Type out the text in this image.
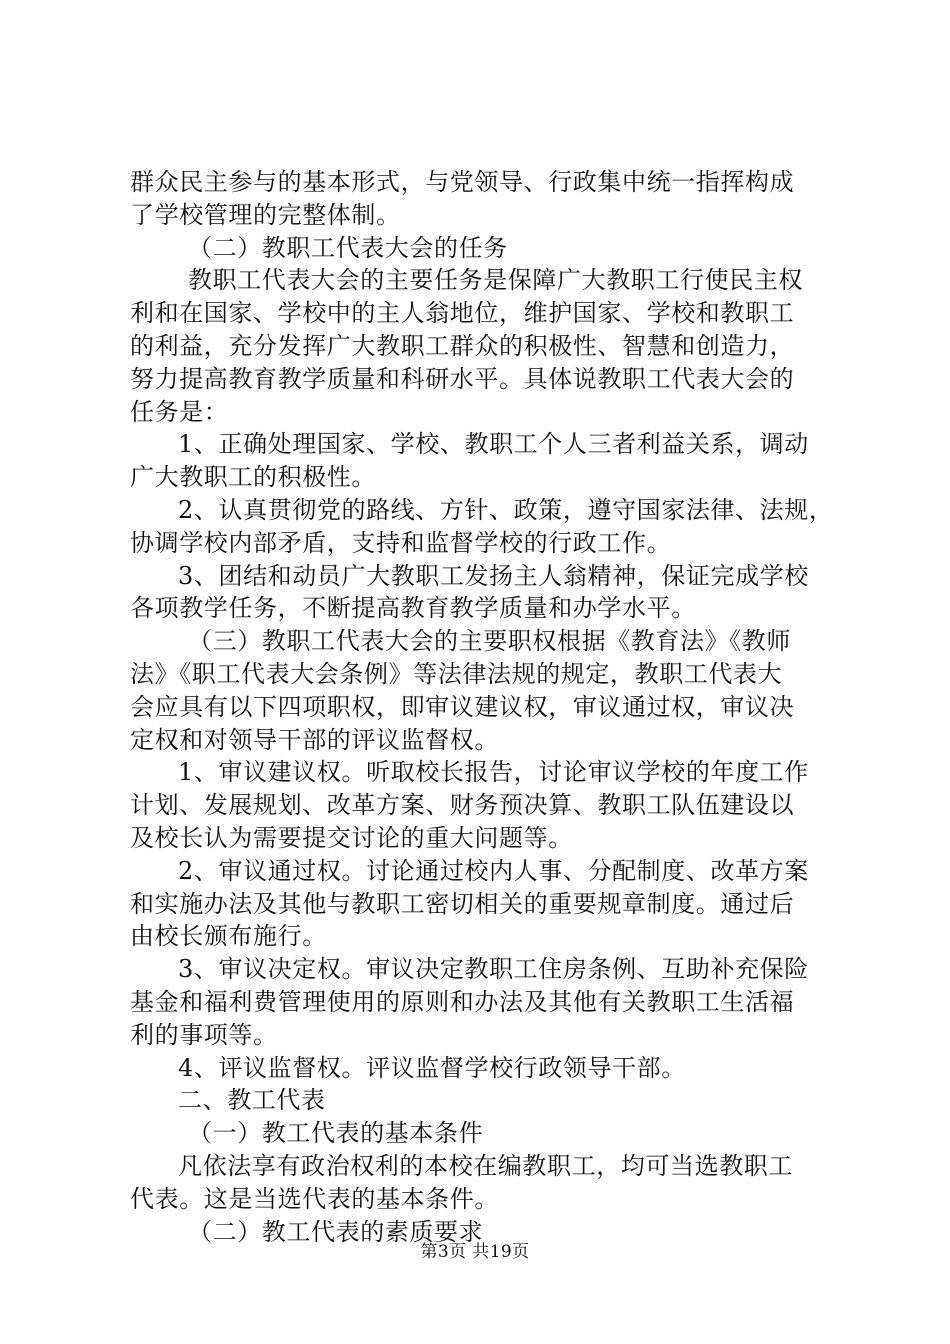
群众民主参与的基本形式，与党领导、行政集中统一指挥构成
了学校管理的完整体制。
（二）教职工代表大会的任务
教职工代表大会的主要任务是保障广大教职工行使民主权
利和在国家、学校中的主人翁地位，维护国家、学校和教职工
的利益，充分发挥广大教职工群众的积极性、智慧和创造力，
努力提高教育教学质量和科研水平。具体说教职工代表大会的
任务是：
1、正确处理国家、学校、教职工个人三者利益关系，调动
广大教职工的积极性。
2、认真贯彻党的路线、方针、政策，遵守国家法律、法规，
协调学校内部矛盾，支持和监督学校的行政工作。
3、团结和动员广大教职工发扬主人翁精神，保证完成学校
各项教学任务，不断提高教育教学质量和办学水平。
（三）教职工代表大会的主要职权根据《教育法》《教师
法》《职工代表大会条例》等法律法规的规定，教职工代表大
会应具有以下四项职权，即审议建议权，审议通过权，审议决
定权和对领导干部的评议监督权。
1、审议建议权。听取校长报告，讨论审议学校的年度工作
计划、发展规划、改革方案、财务预决算、教职工队伍建设以
及校长认为需要提交讨论的重大问题等。
2、审议通过权。讨论通过校内人事、分配制度、改革方案
和实施办法及其他与教职工密切相关的重要规章制度。通过后
由校长颁布施行。
3、审议决定权。审议决定教职工住房条例、互助补充保险
基金和福利费管理使用的原则和办法及其他有关教职工生活福
利的事项等。
4、评议监督权。评议监督学校行政领导干部。
二、教工代表
（一）教工代表的基本条件
凡依法享有政治权利的本校在编教职工，均可当选教职工
代表。这是当选代表的基本条件。
（二）教工代表的素质要求
第3页 共19页
